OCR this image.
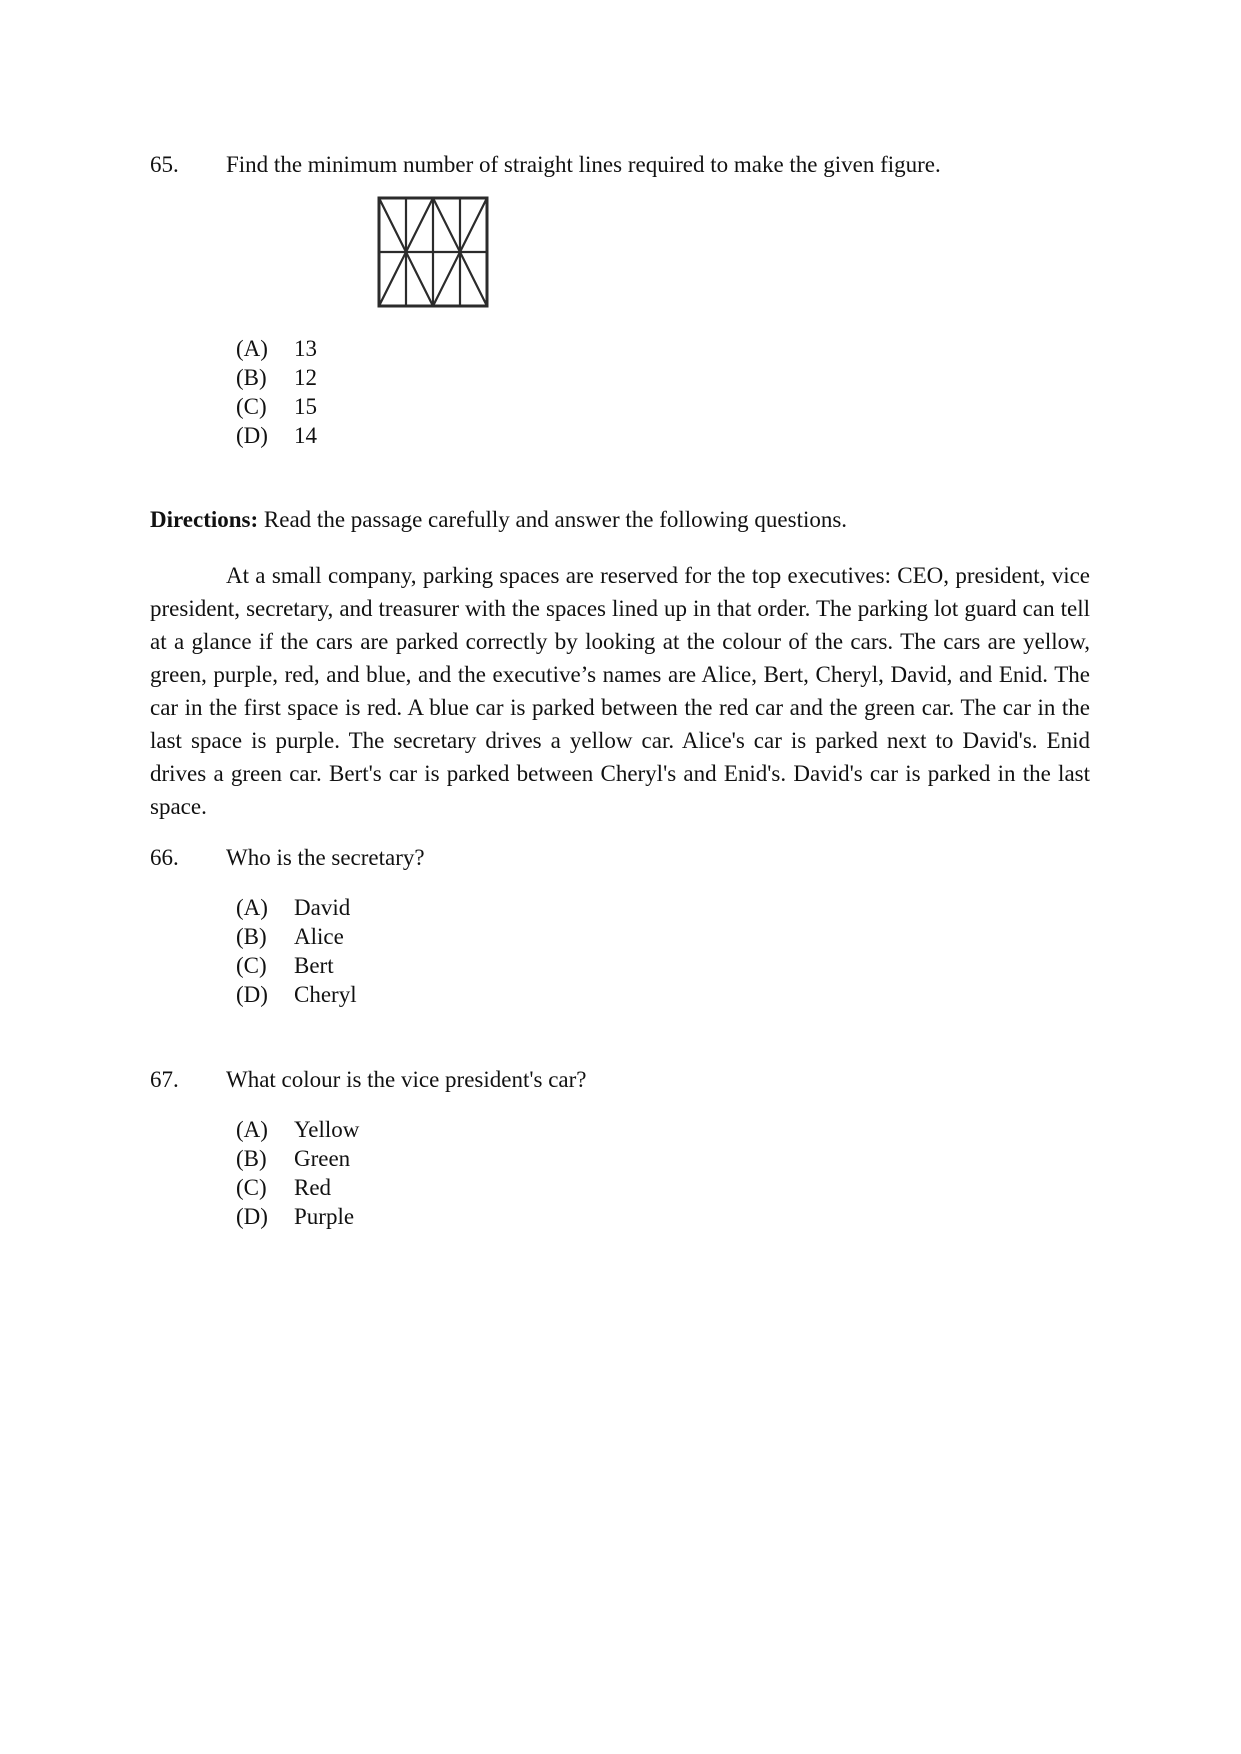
65. Find the minimum number of straight lines required to make the given figure.
(A) 13
(B) 12
(C) 15
(D) 14
Directions: Read the passage carefully and answer the following questions.

At a small company, parking spaces are reserved for the top executives: CEO, president, vice president, secretary, and treasurer with the spaces lined up in that order. The parking lot guard can tell at a glance if the cars are parked correctly by looking at the colour of the cars. The cars are yellow, green, purple, red, and blue, and the executive’s names are Alice, Bert, Cheryl, David, and Enid. The car in the first space is red. A blue car is parked between the red car and the green car. The car in the last space is purple. The secretary drives a yellow car. Alice's car is parked next to David's. Enid drives a green car. Bert's car is parked between Cheryl's and Enid's. David's car is parked in the last space.

66. Who is the secretary?
(A) David
(B) Alice
(C) Bert
(D) Cheryl
67. What colour is the vice president's car?
(A) Yellow
(B) Green
(C) Red
(D) Purple
